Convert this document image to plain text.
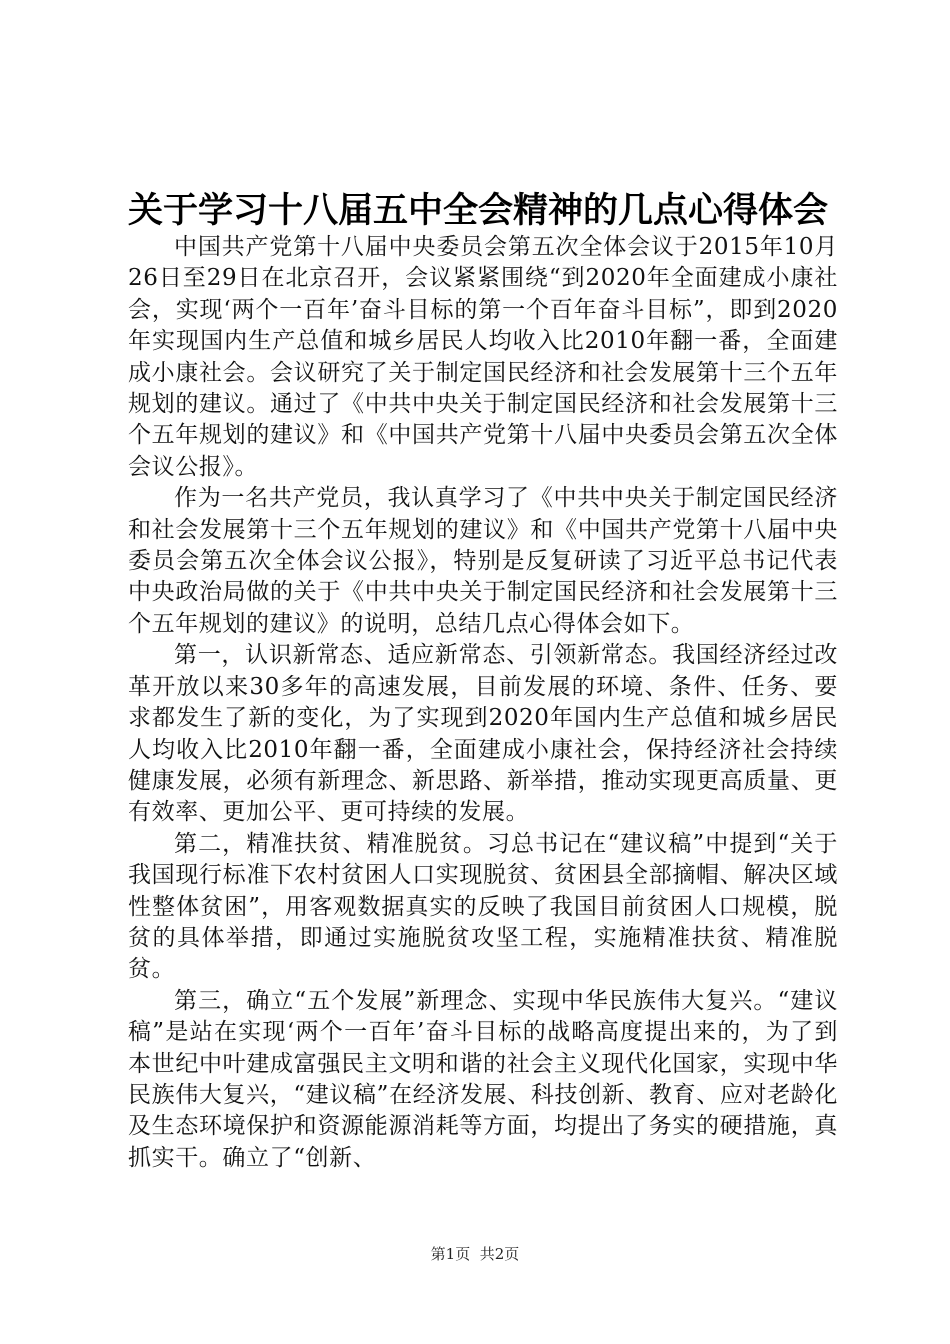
关于学习十八届五中全会精神的几点心得体会

中国共产党第十八届中央委员会第五次全体会议于2015年10月26日至29日在北京召开，会议紧紧围绕“到2020年全面建成小康社会，实现‘两个一百年’奋斗目标的第一个百年奋斗目标”，即到2020年实现国内生产总值和城乡居民人均收入比2010年翻一番，全面建成小康社会。会议研究了关于制定国民经济和社会发展第十三个五年规划的建议。通过了《中共中央关于制定国民经济和社会发展第十三个五年规划的建议》和《中国共产党第十八届中央委员会第五次全体会议公报》。

作为一名共产党员，我认真学习了《中共中央关于制定国民经济和社会发展第十三个五年规划的建议》和《中国共产党第十八届中央委员会第五次全体会议公报》，特别是反复研读了习近平总书记代表中央政治局做的关于《中共中央关于制定国民经济和社会发展第十三个五年规划的建议》的说明，总结几点心得体会如下。

第一，认识新常态、适应新常态、引领新常态。我国经济经过改革开放以来30多年的高速发展，目前发展的环境、条件、任务、要求都发生了新的变化，为了实现到2020年国内生产总值和城乡居民人均收入比2010年翻一番，全面建成小康社会，保持经济社会持续健康发展，必须有新理念、新思路、新举措，推动实现更高质量、更有效率、更加公平、更可持续的发展。

第二，精准扶贫、精准脱贫。习总书记在“建议稿”中提到“关于我国现行标准下农村贫困人口实现脱贫、贫困县全部摘帽、解决区域性整体贫困”，用客观数据真实的反映了我国目前贫困人口规模，脱贫的具体举措，即通过实施脱贫攻坚工程，实施精准扶贫、精准脱贫。

第三，确立“五个发展”新理念、实现中华民族伟大复兴。“建议稿”是站在实现‘两个一百年’奋斗目标的战略高度提出来的，为了到本世纪中叶建成富强民主文明和谐的社会主义现代化国家，实现中华民族伟大复兴，“建议稿”在经济发展、科技创新、教育、应对老龄化及生态环境保护和资源能源消耗等方面，均提出了务实的硬措施，真抓实干。确立了“创新、

第1页 共2页
